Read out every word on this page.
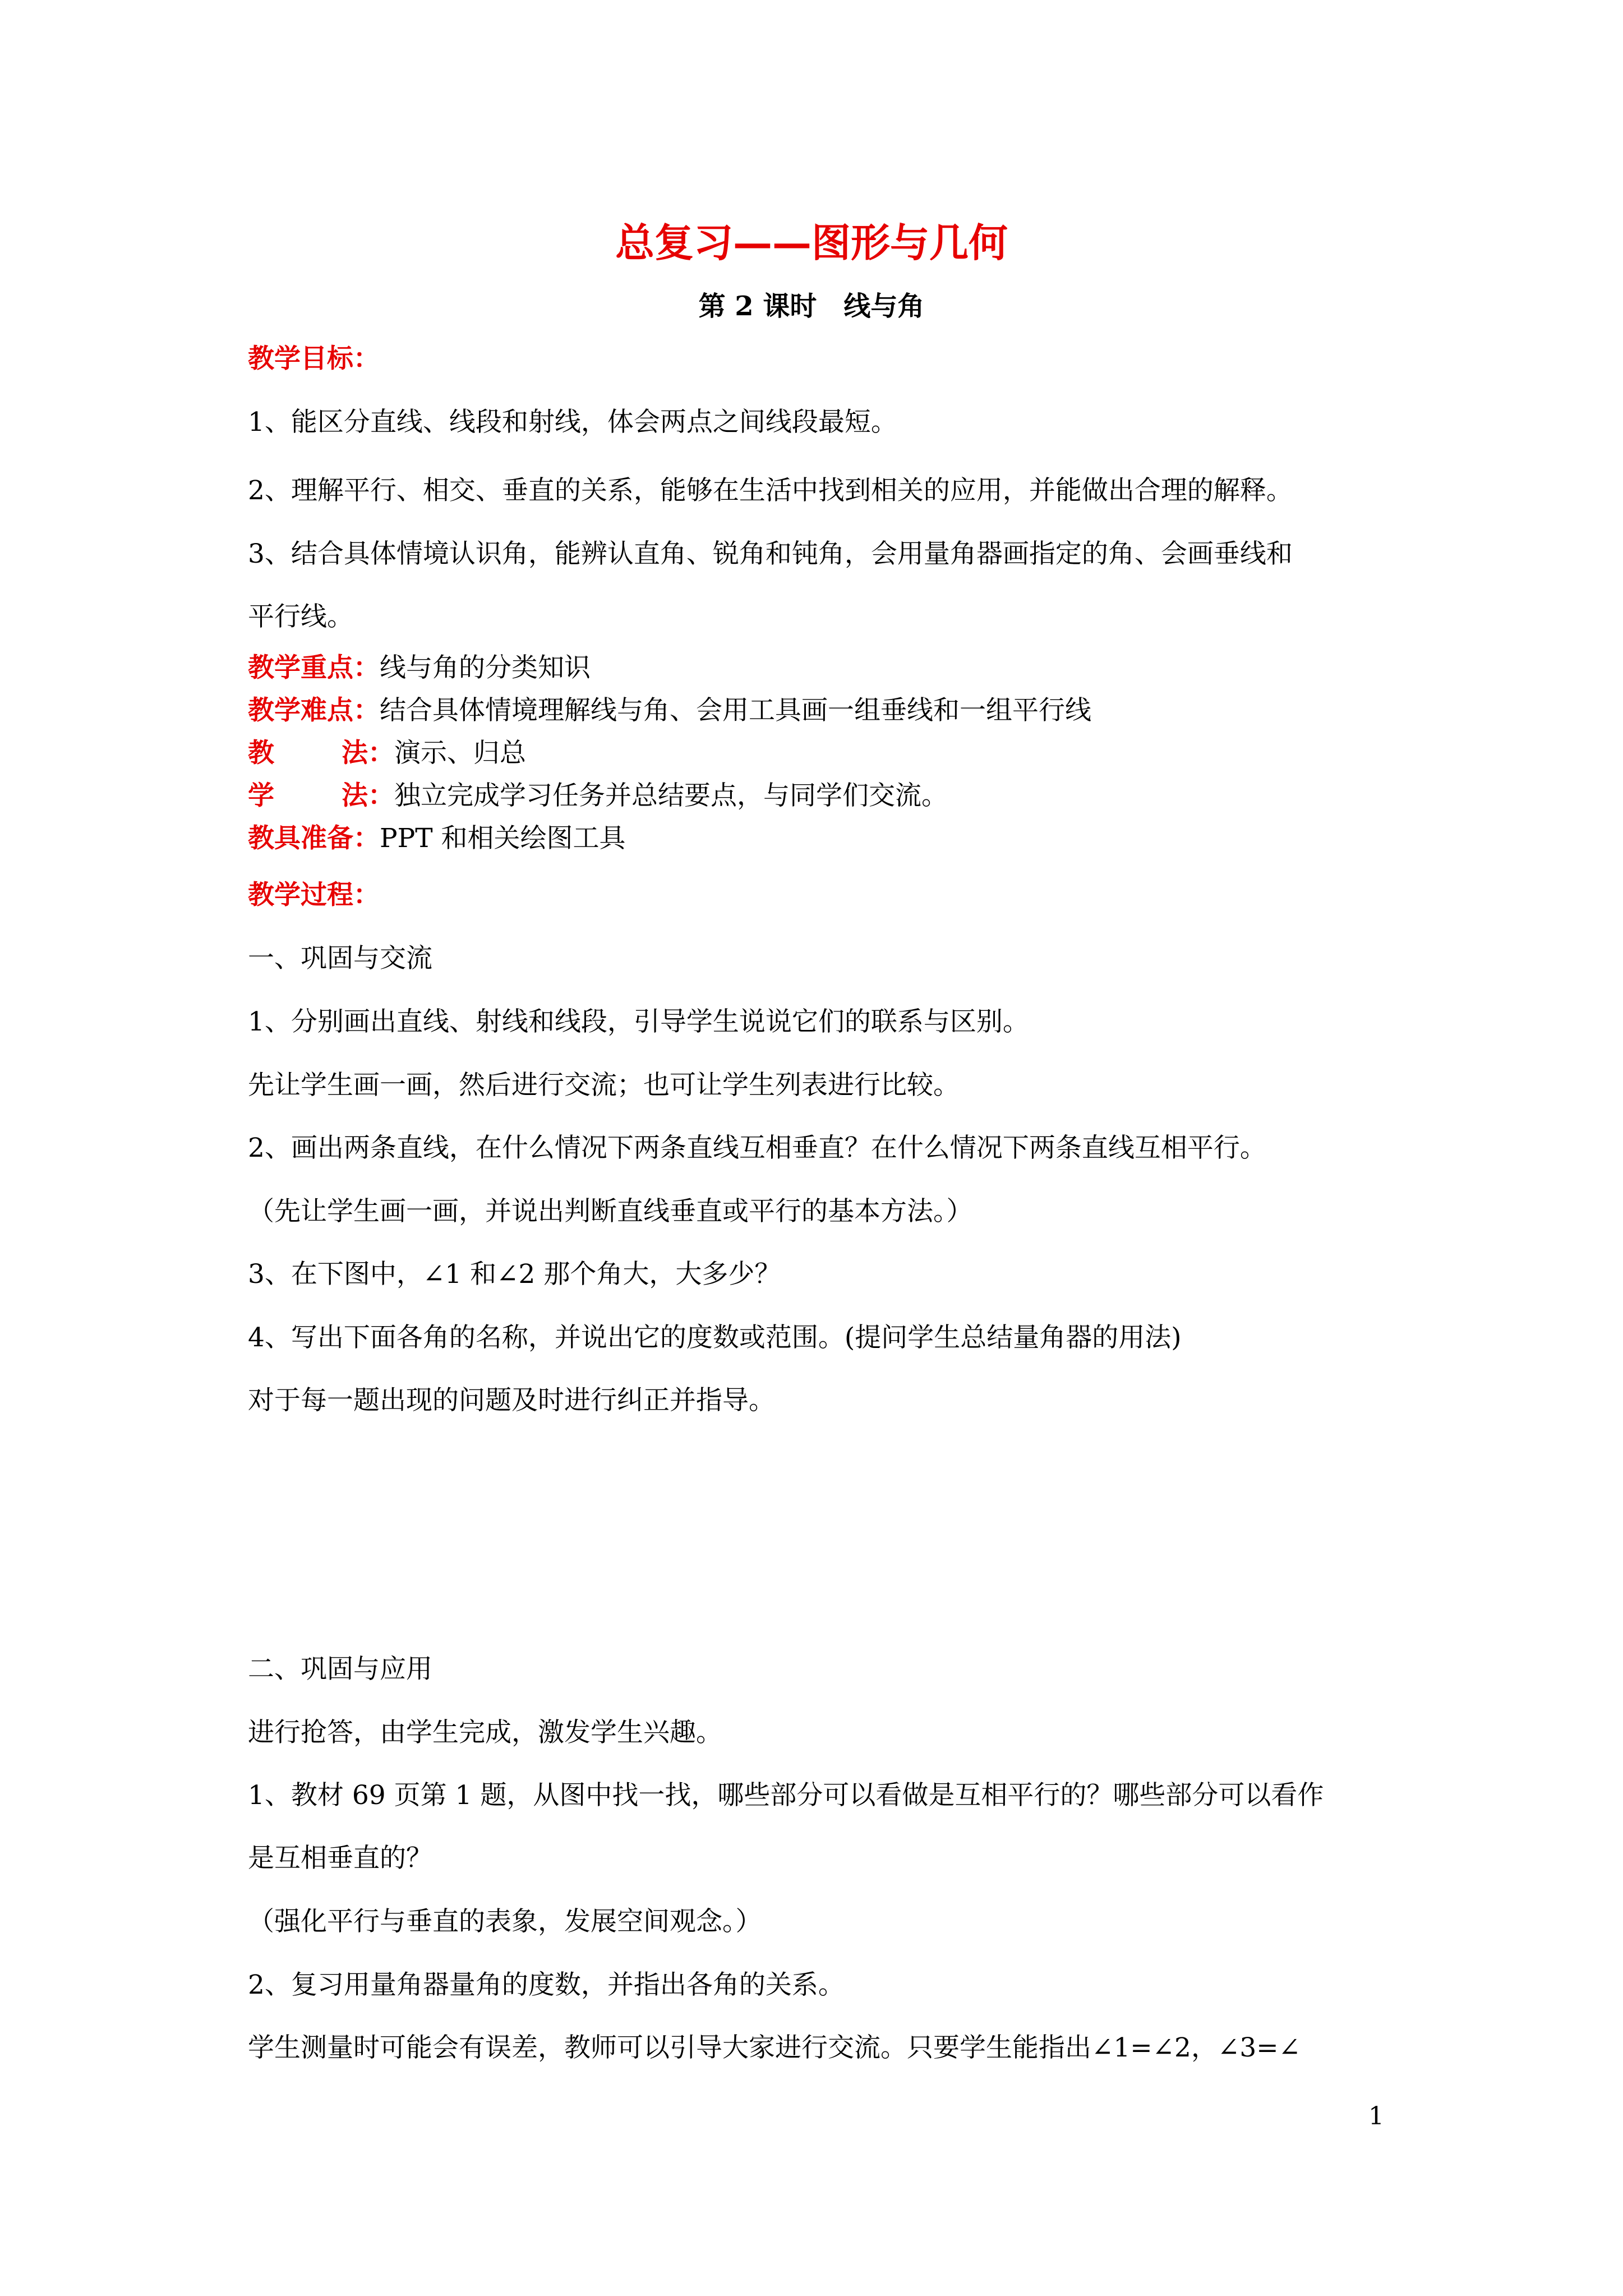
总复习——图形与几何
第 2 课时　线与角
教学目标：
1、能区分直线、线段和射线，体会两点之间线段最短。
2、理解平行、相交、垂直的关系，能够在生活中找到相关的应用，并能做出合理的解释。
3、结合具体情境认识角，能辨认直角、锐角和钝角，会用量角器画指定的角、会画垂线和
平行线。
教学重点：线与角的分类知识
教学难点：结合具体情境理解线与角、会用工具画一组垂线和一组平行线
教	法：演示、归总
学	法：独立完成学习任务并总结要点，与同学们交流。
教具准备：PPT 和相关绘图工具
教学过程：
一、巩固与交流
1、分别画出直线、射线和线段，引导学生说说它们的联系与区别。
先让学生画一画，然后进行交流；也可让学生列表进行比较。
2、画出两条直线，在什么情况下两条直线互相垂直？在什么情况下两条直线互相平行。
（先让学生画一画，并说出判断直线垂直或平行的基本方法。）
3、在下图中，∠1 和∠2 那个角大，大多少？
4、写出下面各角的名称，并说出它的度数或范围。(提问学生总结量角器的用法)
对于每一题出现的问题及时进行纠正并指导。
二、巩固与应用
进行抢答，由学生完成，激发学生兴趣。
1、教材 69 页第 1 题，从图中找一找，哪些部分可以看做是互相平行的？哪些部分可以看作
是互相垂直的？
（强化平行与垂直的表象，发展空间观念。）
2、复习用量角器量角的度数，并指出各角的关系。
学生测量时可能会有误差，教师可以引导大家进行交流。只要学生能指出∠1=∠2，∠3=∠
1
